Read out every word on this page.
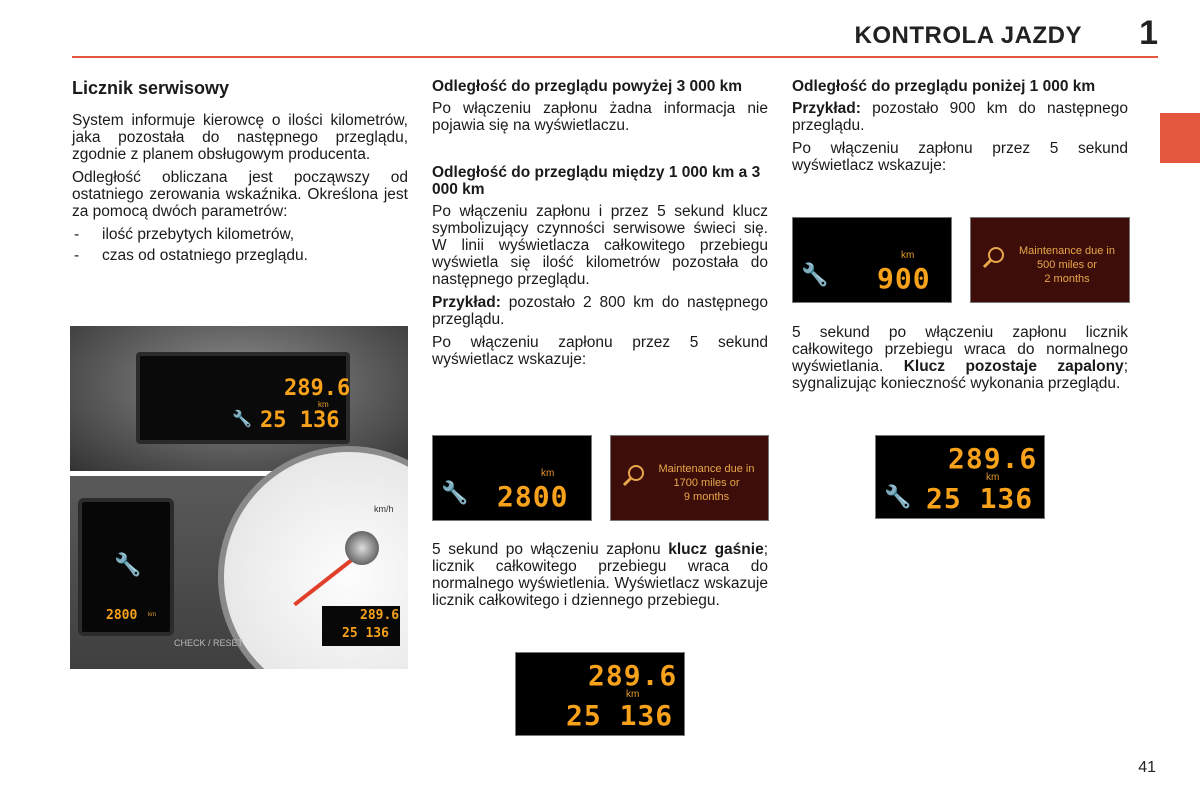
KONTROLA JAZDY 1
Licznik serwisowy

System informuje kierowcę o ilości kilometrów, jaka pozostała do następnego przeglądu, zgodnie z planem obsługowym producenta.

Odległość obliczana jest począwszy od ostatniego zerowania wskaźnika. Określona jest za pomocą dwóch parametrów:

- ilość przebytych kilometrów,
- czas od ostatniego przeglądu.
289.6
km
🔧 25 136
km/h
🔧
2800 km	289.6
25 136
CHECK / RESET
Odległość do przeglądu powyżej 3 000 km

Po włączeniu zapłonu żadna informacja nie pojawia się na wyświetlaczu.

Odległość do przeglądu między 1 000 km a 3 000 km

Po włączeniu zapłonu i przez 5 sekund klucz symbolizujący czynności serwisowe świeci się. W linii wyświetlacza całkowitego przebiegu wyświetla się ilość kilometrów pozostała do następnego przeglądu.

Przykład: pozostało 2 800 km do następnego przeglądu.

Po włączeniu zapłonu przez 5 sekund wyświetlacz wskazuje:

🔧
km
2800
Maintenance due in
1700 miles or
9 months

5 sekund po włączeniu zapłonu klucz gaśnie; licznik całkowitego przebiegu wraca do normalnego wyświetlenia. Wyświetlacz wskazuje licznik całkowitego i dziennego przebiegu.

289.6
km
25 136
Odległość do przeglądu poniżej 1 000 km

Przykład: pozostało 900 km do następnego przeglądu.

Po włączeniu zapłonu przez 5 sekund wyświetlacz wskazuje:

🔧
km
900
Maintenance due in
500 miles or
2 months

5 sekund po włączeniu zapłonu licznik całkowitego przebiegu wraca do normalnego wyświetlania. Klucz pozostaje zapalony; sygnalizując konieczność wykonania przeglądu.

289.6
km
🔧 25 136
41
